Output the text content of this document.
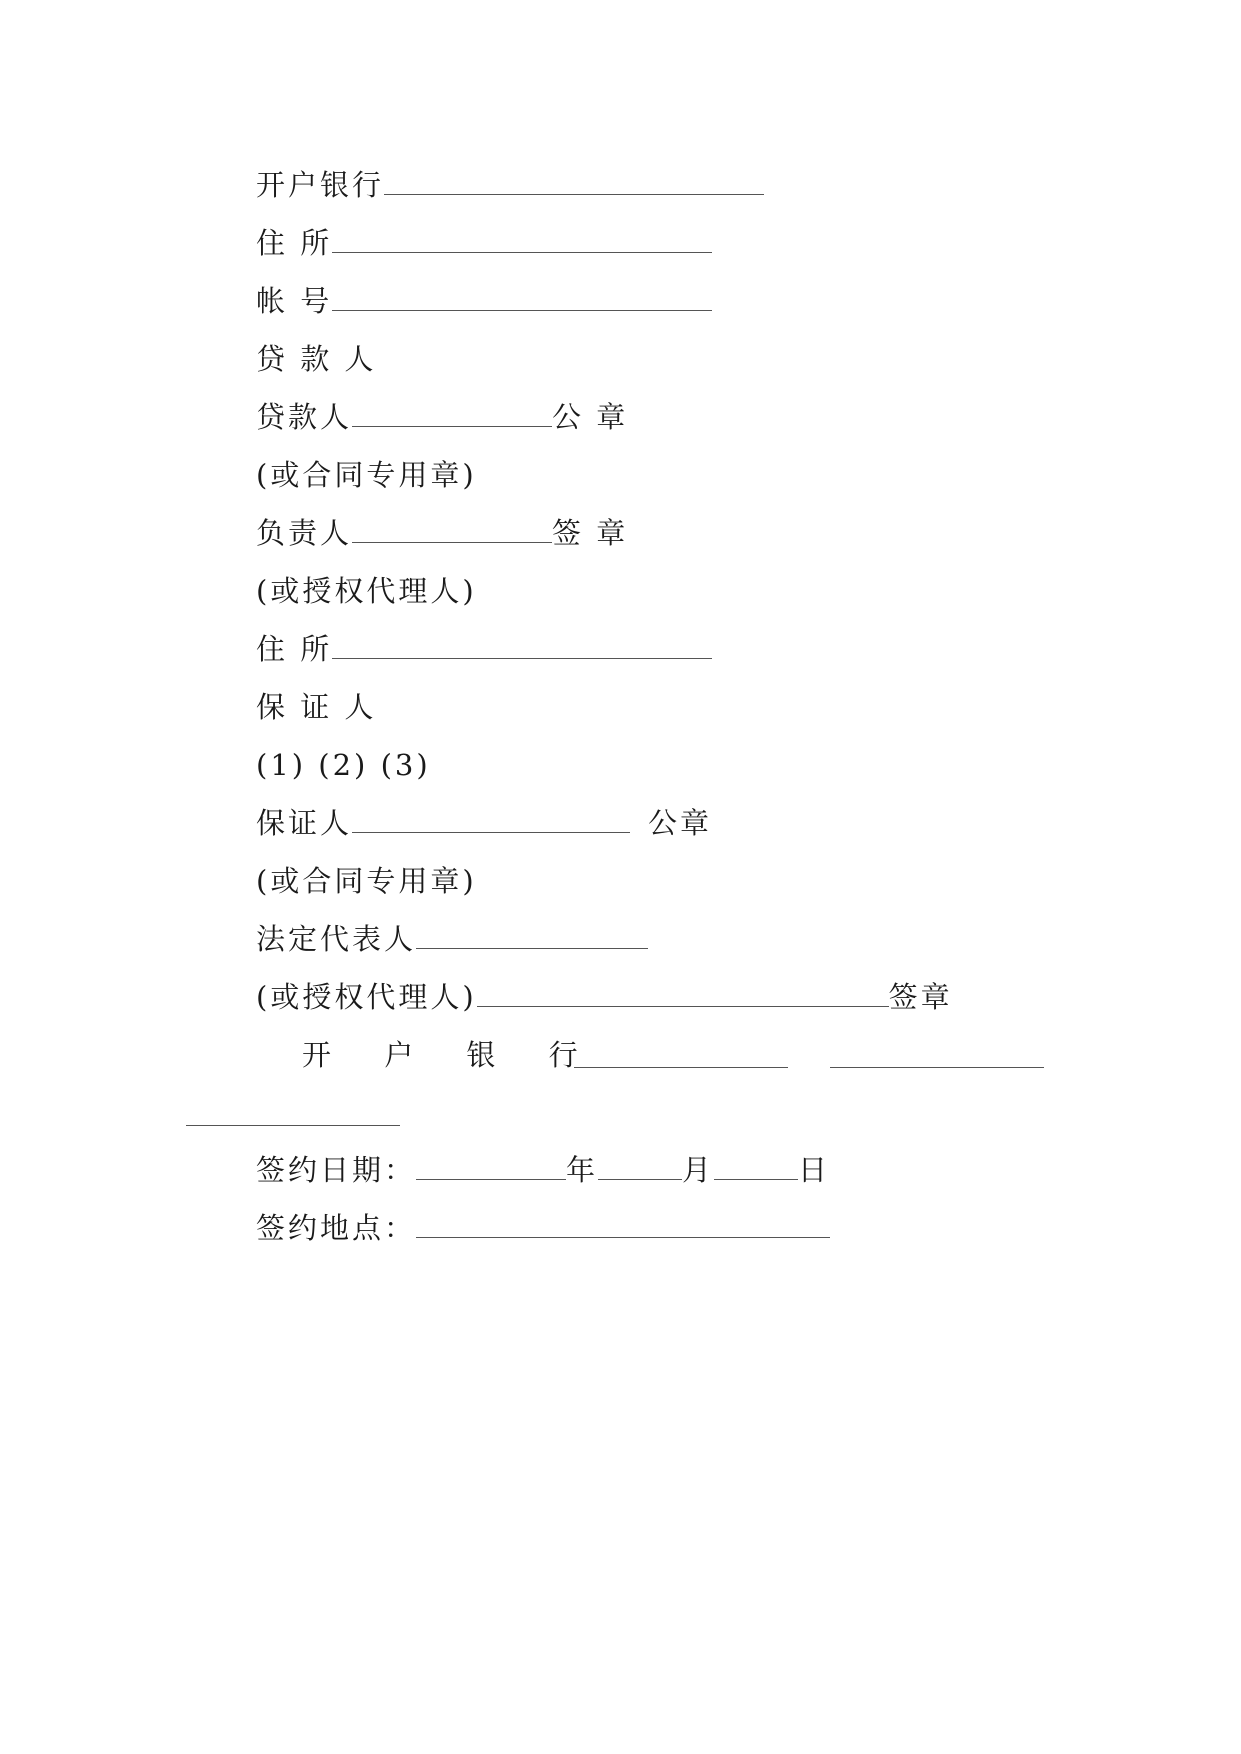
开户银行
住 所
帐 号
贷 款 人
贷款人	公 章
(或合同专用章)
负责人	签 章
(或授权代理人)
住 所
保 证 人
(1) (2) (3)
保证人	公章
(或合同专用章)
法定代表人
(或授权代理人)	签章
开 户 银 行
签约日期：	年	月	日
签约地点：
